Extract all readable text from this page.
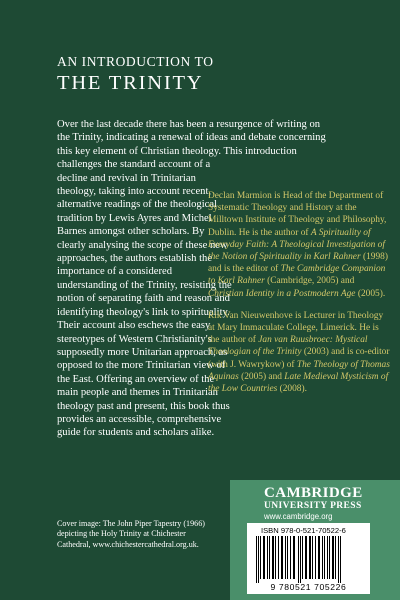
AN INTRODUCTION TO
THE TRINITY
Over the last decade there has been a resurgence of writing on
the Trinity, indicating a renewal of ideas and debate concerning
this key element of Christian theology. This introduction

challenges the standard account of a decline and revival in Trinitarian theology, taking into account recent, alternative readings of the theological tradition by Lewis Ayres and Michel Barnes amongst other scholars. By clearly analysing the scope of these new approaches, the authors establish the importance of a considered understanding of the Trinity, resisting the notion of separating faith and reason and identifying theology's link to spirituality. Their account also eschews the easy stereotypes of Western Christianity's supposedly more Unitarian approach, as opposed to the more Trinitarian view of the East. Offering an overview of the main people and themes in Trinitarian theology past and present, this book thus provides an accessible, comprehensive guide for students and scholars alike.

Declan Marmion is Head of the Department of Systematic Theology and History at the Milltown Institute of Theology and Philosophy, Dublin. He is the author of A Spirituality of Everyday Faith: A Theological Investigation of the Notion of Spirituality in Karl Rahner (1998) and is the editor of The Cambridge Companion to Karl Rahner (Cambridge, 2005) and Christian Identity in a Postmodern Age (2005).

Rik Van Nieuwenhove is Lecturer in Theology at Mary Immaculate College, Limerick. He is the author of Jan van Ruusbroec: Mystical Theologian of the Trinity (2003) and is co-editor (with J. Wawrykow) of The Theology of Thomas Aquinas (2005) and Late Medieval Mysticism of the Low Countries (2008).

Cover image: The John Piper Tapestry (1966) depicting the Holy Trinity at Chichester Cathedral, www.chichestercathedral.org.uk.
CAMBRIDGE
UNIVERSITY PRESS
www.cambridge.org
ISBN 978-0-521-70522-6
9 780521 705226
